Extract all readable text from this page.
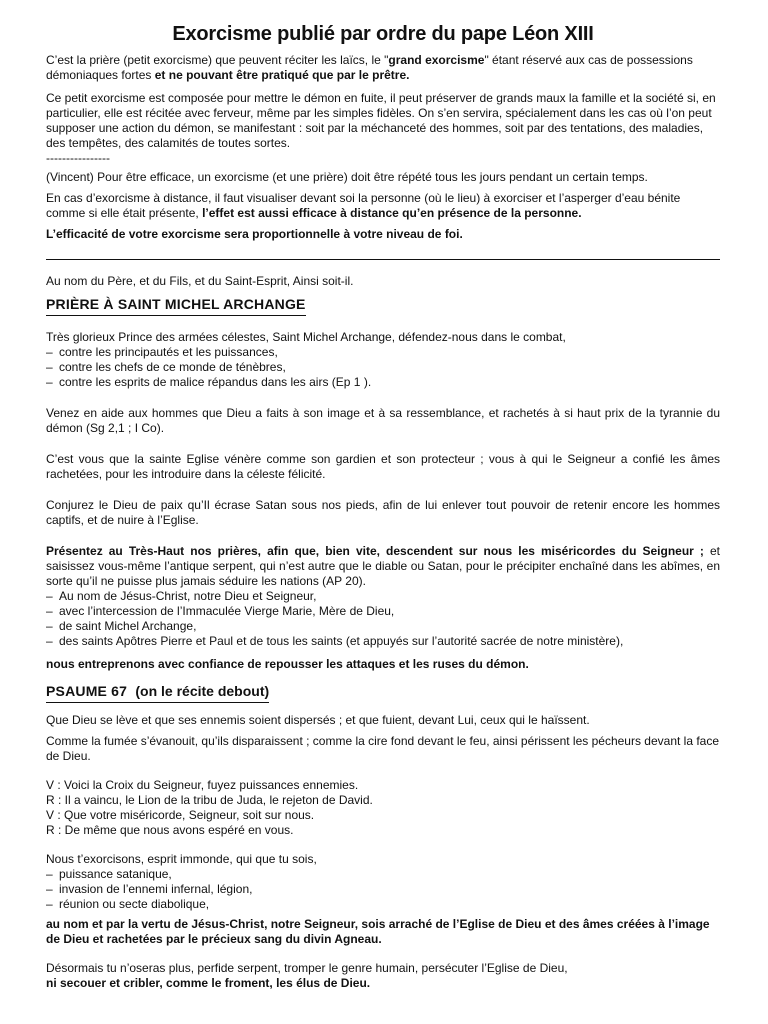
Exorcisme publié par ordre du pape Léon XIII

C’est la prière (petit exorcisme) que peuvent réciter les laïcs, le "grand exorcisme" étant réservé aux cas de possessions démoniaques fortes et ne pouvant être pratiqué que par le prêtre.

Ce petit exorcisme est composée pour mettre le démon en fuite, il peut préserver de grands maux la famille et la société si, en particulier, elle est récitée avec ferveur, même par les simples fidèles. On s’en servira, spécialement dans les cas où l’on peut supposer une action du démon, se manifestant : soit par la méchanceté des hommes, soit par des tentations, des maladies, des tempêtes, des calamités de toutes sortes.

----------------

(Vincent) Pour être efficace, un exorcisme (et une prière) doit être répété tous les jours pendant un certain temps.

En cas d’exorcisme à distance, il faut visualiser devant soi la personne (où le lieu) à exorciser et l’asperger d’eau bénite comme si elle était présente, l’effet est aussi efficace à distance qu’en présence de la personne.

L’efficacité de votre exorcisme sera proportionnelle à votre niveau de foi.

Au nom du Père, et du Fils, et du Saint-Esprit, Ainsi soit-il.

PRIÈRE À SAINT MICHEL ARCHANGE

Très glorieux Prince des armées célestes, Saint Michel Archange, défendez-nous dans le combat,

– contre les principautés et les puissances,
– contre les chefs de ce monde de ténèbres,
– contre les esprits de malice répandus dans les airs (Ep 1 ).

Venez en aide aux hommes que Dieu a faits à son image et à sa ressemblance, et rachetés à si haut prix de la tyrannie du démon (Sg 2,1 ; I Co).

C’est vous que la sainte Eglise vénère comme son gardien et son protecteur ; vous à qui le Seigneur a confié les âmes rachetées, pour les introduire dans la céleste félicité.

Conjurez le Dieu de paix qu’Il écrase Satan sous nos pieds, afin de lui enlever tout pouvoir de retenir encore les hommes captifs, et de nuire à l’Eglise.

Présentez au Très-Haut nos prières, afin que, bien vite, descendent sur nous les miséricordes du Seigneur ; et saisissez vous-même l’antique serpent, qui n’est autre que le diable ou Satan, pour le précipiter enchaîné dans les abîmes, en sorte qu’il ne puisse plus jamais séduire les nations (AP 20).

– Au nom de Jésus-Christ, notre Dieu et Seigneur,
– avec l’intercession de l’Immaculée Vierge Marie, Mère de Dieu,
– de saint Michel Archange,
– des saints Apôtres Pierre et Paul et de tous les saints (et appuyés sur l’autorité sacrée de notre ministère),

nous entreprenons avec confiance de repousser les attaques et les ruses du démon.

PSAUME 67 (on le récite debout)

Que Dieu se lève et que ses ennemis soient dispersés ; et que fuient, devant Lui, ceux qui le haïssent.

Comme la fumée s’évanouit, qu’ils disparaissent ; comme la cire fond devant le feu, ainsi périssent les pécheurs devant la face de Dieu.

V : Voici la Croix du Seigneur, fuyez puissances ennemies.

R : Il a vaincu, le Lion de la tribu de Juda, le rejeton de David.

V : Que votre miséricorde, Seigneur, soit sur nous.

R : De même que nous avons espéré en vous.

Nous t’exorcisons, esprit immonde, qui que tu sois,

– puissance satanique,
– invasion de l’ennemi infernal, légion,
– réunion ou secte diabolique,

au nom et par la vertu de Jésus-Christ, notre Seigneur, sois arraché de l’Eglise de Dieu et des âmes créées à l’image de Dieu et rachetées par le précieux sang du divin Agneau.

Désormais tu n’oseras plus, perfide serpent, tromper le genre humain, persécuter l’Eglise de Dieu,

ni secouer et cribler, comme le froment, les élus de Dieu.
